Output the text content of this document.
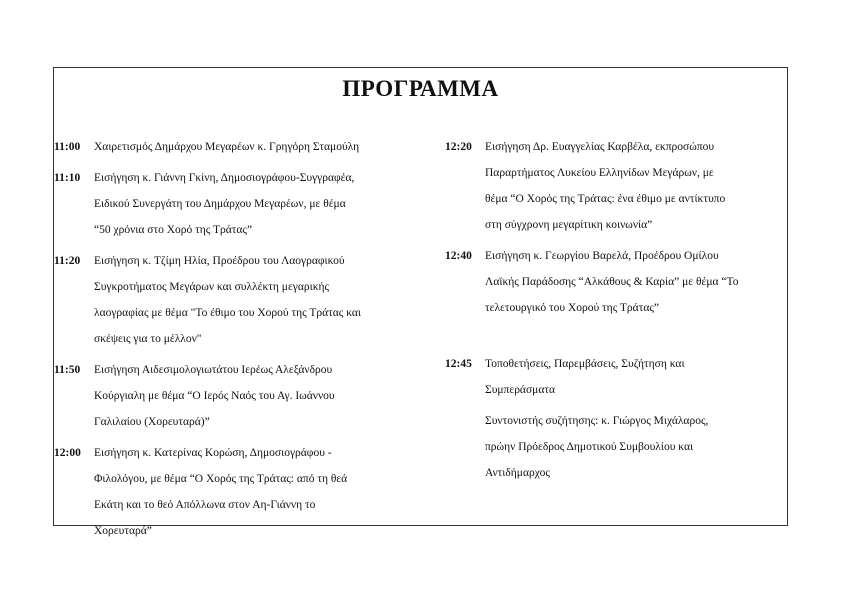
ΠΡΟΓΡΑΜΜΑ
11:00	Χαιρετισμός Δημάρχου Μεγαρέων κ. Γρηγόρη Σταμούλη
11:10	Εισήγηση κ. Γιάννη Γκίνη, Δημοσιογράφου-Συγγραφέα,
Ειδικού Συνεργάτη του Δημάρχου Μεγαρέων, με θέμα
“50 χρόνια στο Χορό της Τράτας”
11:20	Εισήγηση κ. Τζίμη Ηλία, Προέδρου του Λαογραφικού
Συγκροτήματος Μεγάρων και συλλέκτη μεγαρικής
λαογραφίας με θέμα "Το έθιμο του Χορού της Τράτας και
σκέψεις για το μέλλον"
11:50	Εισήγηση Αιδεσιμολογιωτάτου Ιερέως Αλεξάνδρου
Κούργιαλη με θέμα “Ο Ιερός Ναός του Αγ. Ιωάννου
Γαλιλαίου (Χορευταρά)”
12:00	Εισήγηση κ. Κατερίνας Κορώση, Δημοσιογράφου -
Φιλολόγου, με θέμα “Ο Χορός της Τράτας: από τη θεά
Εκάτη και το θεό Απόλλωνα στον Αη-Γιάννη το
Χορευταρά”
12:20	Εισήγηση Δρ. Ευαγγελίας Καρβέλα, εκπροσώπου
Παραρτήματος Λυκείου Ελληνίδων Μεγάρων, με
θέμα “Ο Χορός της Τράτας: ένα έθιμο με αντίκτυπο
στη σύγχρονη μεγαρίτικη κοινωνία”
12:40	Εισήγηση κ. Γεωργίου Βαρελά, Προέδρου Ομίλου
Λαϊκής Παράδοσης “Αλκάθους & Καρία” με θέμα “Το
τελετουργικό του Χορού της Τράτας”
12:45	Τοποθετήσεις, Παρεμβάσεις, Συζήτηση και
Συμπεράσματα
Συντονιστής συζήτησης: κ. Γιώργος Μιχάλαρος,
πρώην Πρόεδρος Δημοτικού Συμβουλίου και
Αντιδήμαρχος
